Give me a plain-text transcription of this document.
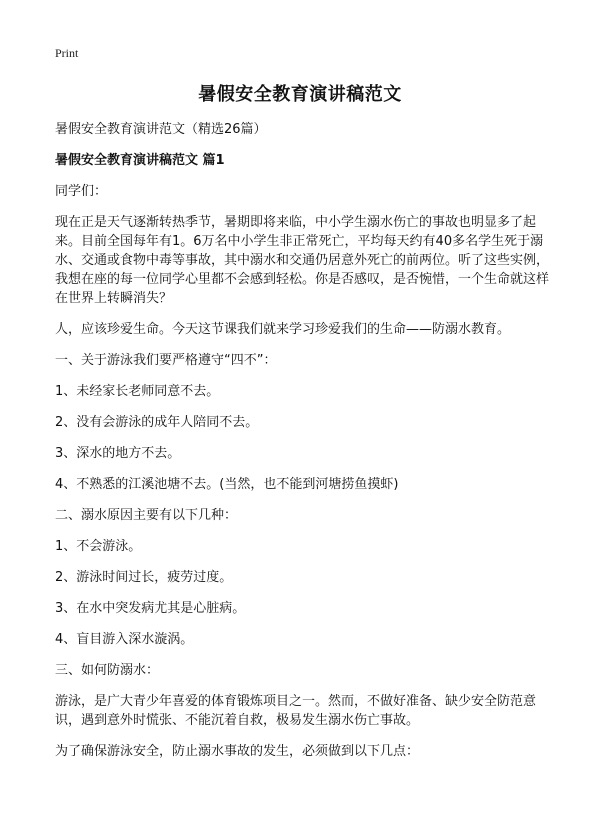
Print
暑假安全教育演讲稿范文

暑假安全教育演讲范文（精选26篇）

暑假安全教育演讲稿范文 篇1

同学们：

现在正是天气逐渐转热季节，暑期即将来临，中小学生溺水伤亡的事故也明显多了起来。目前全国每年有1。6万名中小学生非正常死亡，平均每天约有40多名学生死于溺水、交通或食物中毒等事故，其中溺水和交通仍居意外死亡的前两位。听了这些实例，我想在座的每一位同学心里都不会感到轻松。你是否感叹，是否惋惜，一个生命就这样在世界上转瞬消失？

人，应该珍爱生命。今天这节课我们就来学习珍爱我们的生命——防溺水教育。

一、关于游泳我们要严格遵守“四不”：

1、未经家长老师同意不去。

2、没有会游泳的成年人陪同不去。

3、深水的地方不去。

4、不熟悉的江溪池塘不去。(当然，也不能到河塘捞鱼摸虾)

二、溺水原因主要有以下几种：

1、不会游泳。

2、游泳时间过长，疲劳过度。

3、在水中突发病尤其是心脏病。

4、盲目游入深水漩涡。

三、如何防溺水：

游泳，是广大青少年喜爱的体育锻炼项目之一。然而，不做好准备、缺少安全防范意识，遇到意外时慌张、不能沉着自救，极易发生溺水伤亡事故。

为了确保游泳安全，防止溺水事故的发生，必须做到以下几点：
